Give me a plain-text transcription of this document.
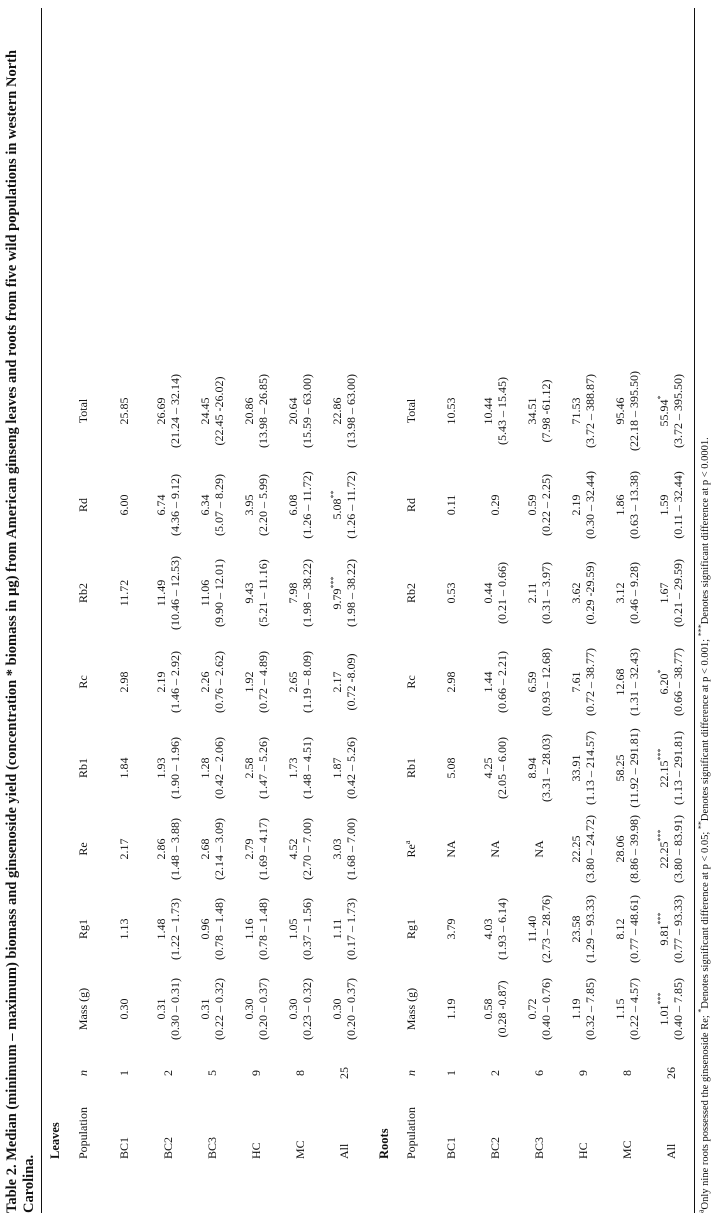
Table 2. Median (minimum – maximum) biomass and ginsenoside yield (concentration * biomass in µg) from American ginseng leaves and roots from five wild populations in western North Carolina.
Leaves Population
n
Mass (g)
Rg1
Re
Rb1
Rc
Rb2
Rd
Total
BC1
1
0.30
1.13
2.17
1.84
2.98
11.72
6.00
25.85
BC2
2
0.31 (0.30 – 0.31)
1.48 (1.22 – 1.73)
2.86 (1.48 – 3.88)
1.93 (1.90 – 1.96)
2.19 (1.46 – 2.92)
11.49 (10.46 – 12.53)
6.74 (4.36 – 9.12)
26.69 (21.24 – 32.14)
BC3
5
0.31 (0.22 – 0.32)
0.96 (0.78 – 1.48)
2.68 (2.14 – 3.09)
1.28 (0.42 – 2.06)
2.26 (0.76 – 2.62)
11.06 (9.90 – 12.01)
6.34 (5.07 – 8.29)
24.45 (22.45 -26.02)
HC
9
0.30 (0.20 – 0.37)
1.16 (0.78 – 1.48)
2.79 (1.69 – 4.17)
2.58 (1.47 – 5.26)
1.92 (0.72 – 4.89)
9.43 (5.21 – 11.16)
3.95 (2.20 – 5.99)
20.86 (13.98 – 26.85)
MC
8
0.30 (0.23 – 0.32)
1.05 (0.37 – 1.56)
4.52 (2.70 – 7.00)
1.73 (1.48 – 4.51)
2.65 (1.19 – 8.09)
7.98 (1.98 – 38.22)
6.08 (1.26 – 11.72)
20.64 (15.59 – 63.00)
All
25
0.30 (0.20 – 0.37)
1.11 (0.17 – 1.73)
3.03 (1.68 – 7.00)
1.87 (0.42 – 5.26)
2.17 (0.72 -8.09)
9.79*** (1.98 – 38.22)
5.08** (1.26 – 11.72)
22.86 (13.98 – 63.00)
Roots Population
n
Mass (g)
Rg1
Re$^a$
Rb1
Rc
Rb2
Rd
Total
BC1
1
1.19
3.79
NA
5.08
2.98
0.53
0.11
10.53
BC2
2
0.58 (0.28 -0.87)
4.03 (1.93 – 6.14)
NA
4.25 (2.05 – 6.00)
1.44 (0.66 – 2.21)
0.44 (0.21 – 0.66)
0.29
10.44 (5.43 – 15.45)
BC3
6
0.72 (0.40 – 0.76)
11.40 (2.73 – 28.76)
NA
8.94 (3.31 – 28.03)
6.59 (0.93 – 12.68)
2.11 (0.31 – 3.97)
0.59 (0.22 – 2.25)
34.51 (7.98 -61.12)
HC
9
1.19 (0.32 – 7.85)
23.58 (1.29 – 93.33)
22.25 (3.80 – 24.72)
33.91 (1.13 – 214.57)
7.61 (0.72 – 38.77)
3.62 (0.29 -29.59)
2.19 (0.30 – 32.44)
71.53 (3.72 – 388.87)
MC
8
1.15 (0.22 – 4.57)
8.12 (0.77 – 48.61)
28.06 (8.86 – 39.98)
58.25 (11.92 – 291.81)
12.68 (1.31 – 32.43)
3.12 (0.46 – 9.28)
1.86 (0.63 – 13.38)
95.46 (22.18 – 395.50)
All
26
1.01*** (0.40 – 7.85)
9.81*** (0.77 – 93.33)
22.25*** (3.80 – 83.91)
22.15*** (1.13 – 291.81)
6.20* (0.66 – 38.77)
1.67 (0.21 – 29.59)
1.59 (0.11 – 32.44)
55.94* (3.72 – 395.50)
$^a$Only nine roots possessed the ginsenoside Re; *Denotes significant difference at p < 0.05; **Denotes significant difference at p < 0.001; ***Denotes significant difference at p < 0.0001.
